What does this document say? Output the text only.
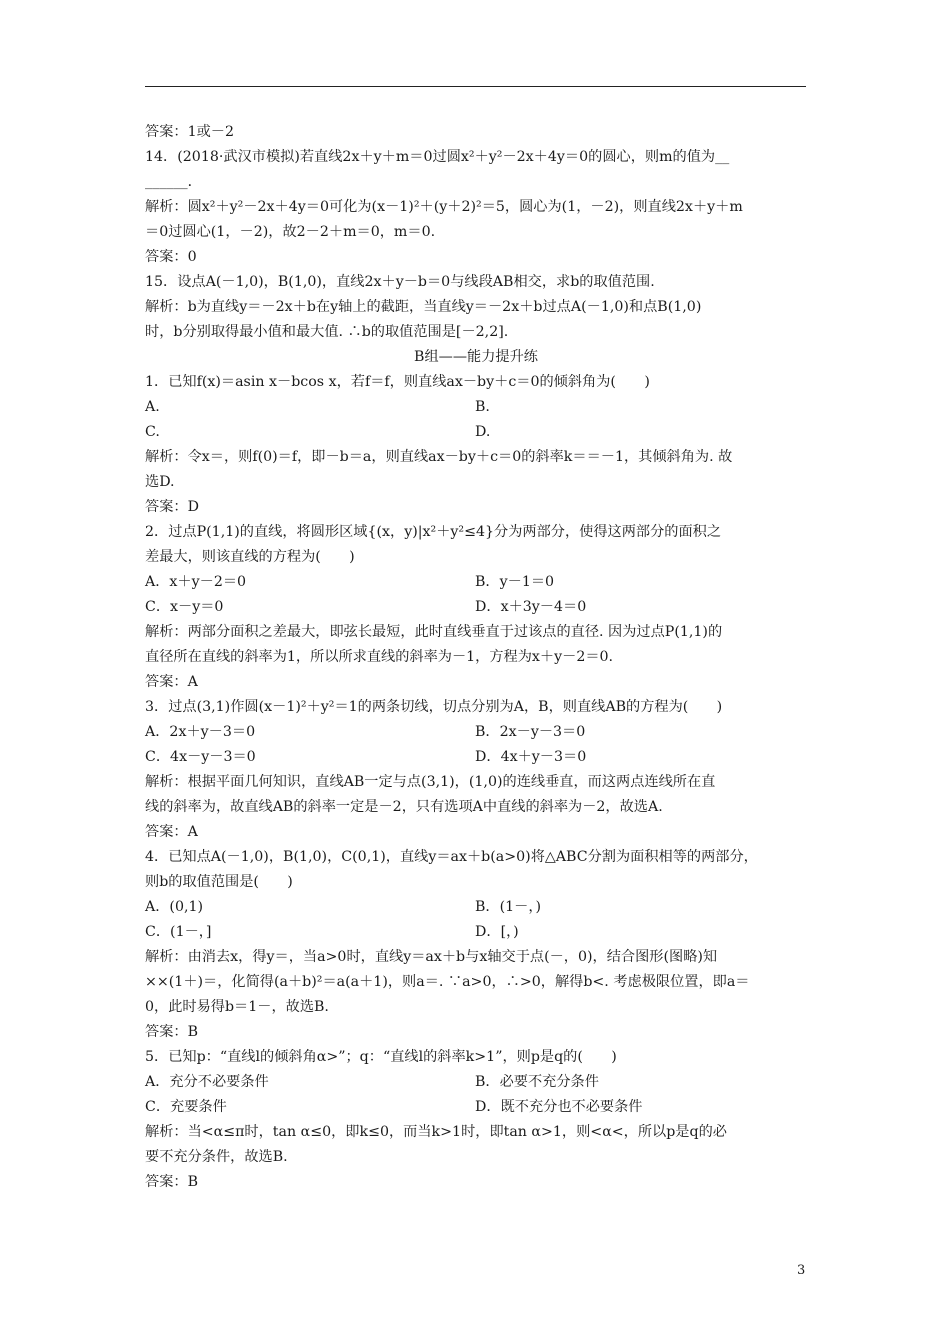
答案：1或－2
14．(2018·武汉市模拟)若直线2x＋y＋m＝0过圆x²＋y²－2x＋4y＝0的圆心，则m的值为__
______．
解析：圆x²＋y²－2x＋4y＝0可化为(x－1)²＋(y＋2)²＝5，圆心为(1，－2)，则直线2x＋y＋m
＝0过圆心(1，－2)，故2－2＋m＝0，m＝0.
答案：0
15．设点A(－1,0)，B(1,0)，直线2x＋y－b＝0与线段AB相交，求b的取值范围.
解析：b为直线y＝－2x＋b在y轴上的截距，当直线y＝－2x＋b过点A(－1,0)和点B(1,0)
时，b分别取得最小值和最大值. ∴b的取值范围是[－2,2].
B组——能力提升练
1．已知f(x)＝asin x－bcos x，若f＝f，则直线ax－by＋c＝0的倾斜角为(　　)
A.	B.
C.	D.
解析：令x＝，则f(0)＝f，即－b＝a，则直线ax－by＋c＝0的斜率k＝＝－1，其倾斜角为. 故
选D.
答案：D
2．过点P(1,1)的直线，将圆形区域{(x，y)|x²＋y²≤4}分为两部分，使得这两部分的面积之
差最大，则该直线的方程为(　　)
A．x＋y－2＝0	B．y－1＝0
C．x－y＝0	D．x＋3y－4＝0
解析：两部分面积之差最大，即弦长最短，此时直线垂直于过该点的直径. 因为过点P(1,1)的
直径所在直线的斜率为1，所以所求直线的斜率为－1，方程为x＋y－2＝0.
答案：A
3．过点(3,1)作圆(x－1)²＋y²＝1的两条切线，切点分别为A，B，则直线AB的方程为(　　)
A．2x＋y－3＝0	B．2x－y－3＝0
C．4x－y－3＝0	D．4x＋y－3＝0
解析：根据平面几何知识，直线AB一定与点(3,1)，(1,0)的连线垂直，而这两点连线所在直
线的斜率为，故直线AB的斜率一定是－2，只有选项A中直线的斜率为－2，故选A.
答案：A
4．已知点A(－1,0)，B(1,0)，C(0,1)，直线y＝ax＋b(a>0)将△ABC分割为面积相等的两部分，
则b的取值范围是(　　)
A．(0,1)	B．(1－，)
C．(1－，]	D．[，)
解析：由消去x，得y＝，当a>0时，直线y＝ax＋b与x轴交于点(－，0)，结合图形(图略)知
××(1＋)＝，化简得(a＋b)²＝a(a＋1)，则a＝. ∵a>0，∴>0，解得b<. 考虑极限位置，即a＝
0，此时易得b＝1－，故选B.
答案：B
5．已知p：“直线l的倾斜角α>”；q：“直线l的斜率k>1”，则p是q的(　　)
A．充分不必要条件	B．必要不充分条件
C．充要条件	D．既不充分也不必要条件
解析：当<α≤π时，tan α≤0，即k≤0，而当k>1时，即tan α>1，则<α<，所以p是q的必
要不充分条件，故选B.
答案：B
3
